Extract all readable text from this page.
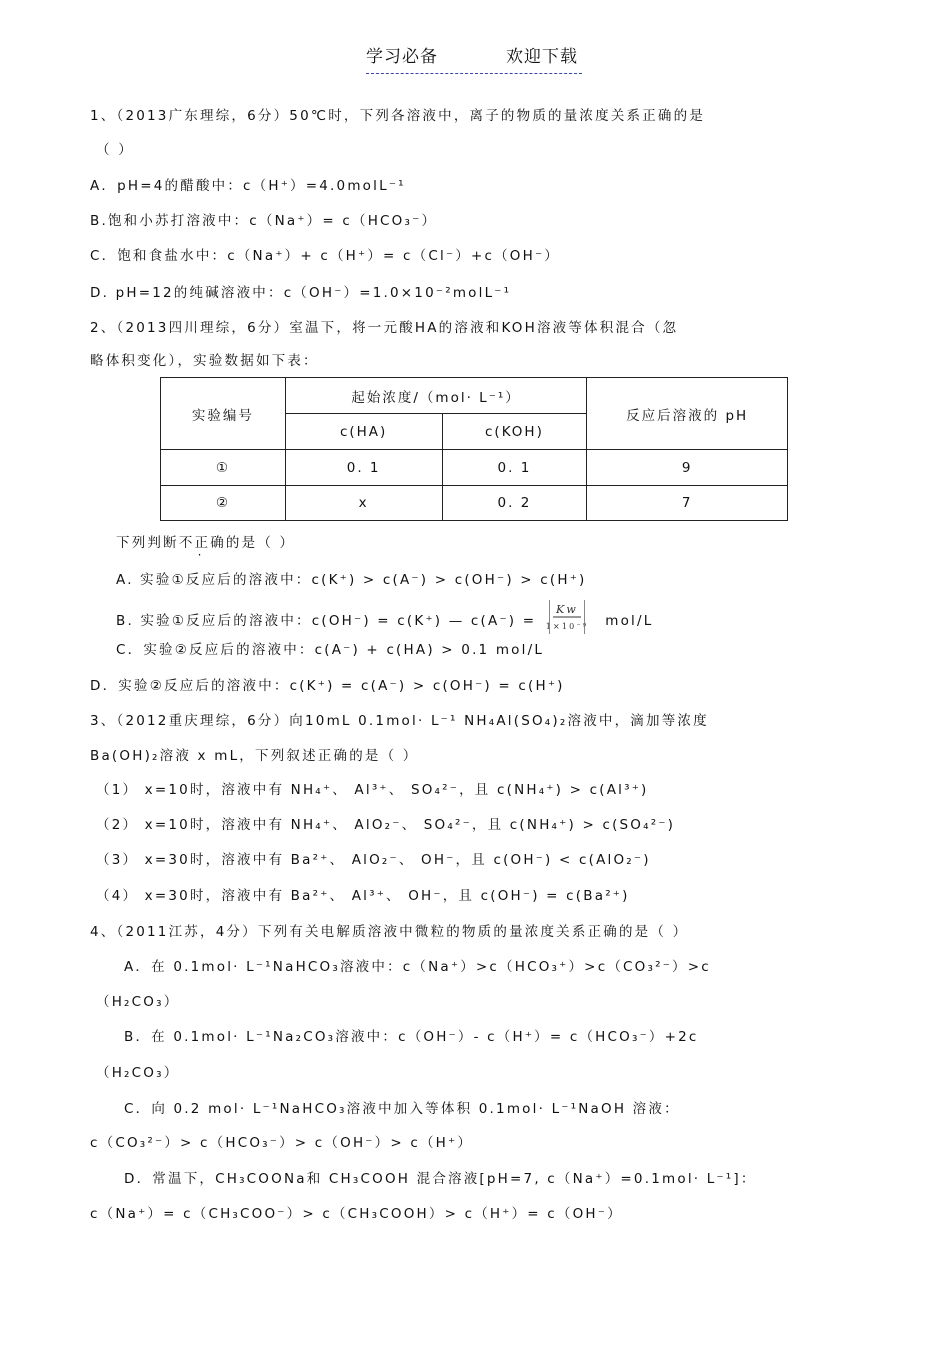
学习必备	欢迎下载
1、（2013广东理综，6分）50℃时，下列各溶液中，离子的物质的量浓度关系正确的是
（ ）
A．pH=4的醋酸中：c（H⁺）=4.0molL⁻¹
B.饱和小苏打溶液中：c（Na⁺）= c（HCO₃⁻）
C．饱和食盐水中：c（Na⁺）+ c（H⁺）= c（Cl⁻）+c（OH⁻）
D. pH=12的纯碱溶液中：c（OH⁻）=1.0×10⁻²molL⁻¹
2、（2013四川理综，6分）室温下，将一元酸HA的溶液和KOH溶液等体积混合（忽
略体积变化），实验数据如下表：
实验编号	起始浓度/（mol· L⁻¹）		反应后溶液的 pH
	c(HA)	c(KOH)	
①	0. 1	0. 1	9
②	x	0. 2	7
下列判断不正确的是（ ）
A. 实验①反应后的溶液中：c(K⁺) > c(A⁻) > c(OH⁻) > c(H⁺)
B. 实验①反应后的溶液中：c(OH⁻) = c(K⁺) — c(A⁻) =
Kw
1×10⁻⁹ mol/L
C．实验②反应后的溶液中：c(A⁻) + c(HA) > 0.1 mol/L
D．实验②反应后的溶液中：c(K⁺) = c(A⁻) > c(OH⁻) = c(H⁺)
3、（2012重庆理综，6分）向10mL 0.1mol· L⁻¹ NH₄Al(SO₄)₂溶液中，滴加等浓度
Ba(OH)₂溶液 x mL，下列叙述正确的是（ ）
（1） x=10时，溶液中有 NH₄⁺、 Al³⁺、 SO₄²⁻，且 c(NH₄⁺) > c(Al³⁺)
（2） x=10时，溶液中有 NH₄⁺、 AlO₂⁻、 SO₄²⁻，且 c(NH₄⁺) > c(SO₄²⁻)
（3） x=30时，溶液中有 Ba²⁺、 AlO₂⁻、 OH⁻，且 c(OH⁻) < c(AlO₂⁻)
（4） x=30时，溶液中有 Ba²⁺、 Al³⁺、 OH⁻，且 c(OH⁻) = c(Ba²⁺)
4、（2011江苏，4分）下列有关电解质溶液中微粒的物质的量浓度关系正确的是（ ）
A．在 0.1mol· L⁻¹NaHCO₃溶液中：c（Na⁺）>c（HCO₃⁺）>c（CO₃²⁻）>c
（H₂CO₃）
B．在 0.1mol· L⁻¹Na₂CO₃溶液中：c（OH⁻）- c（H⁺）= c（HCO₃⁻）+2c
（H₂CO₃）
C．向 0.2 mol· L⁻¹NaHCO₃溶液中加入等体积 0.1mol· L⁻¹NaOH 溶液：
c（CO₃²⁻）> c（HCO₃⁻）> c（OH⁻）> c（H⁺）
D．常温下，CH₃COONa和 CH₃COOH 混合溶液[pH=7, c（Na⁺）=0.1mol· L⁻¹]：
c（Na⁺）= c（CH₃COO⁻）> c（CH₃COOH）> c（H⁺）= c（OH⁻）
